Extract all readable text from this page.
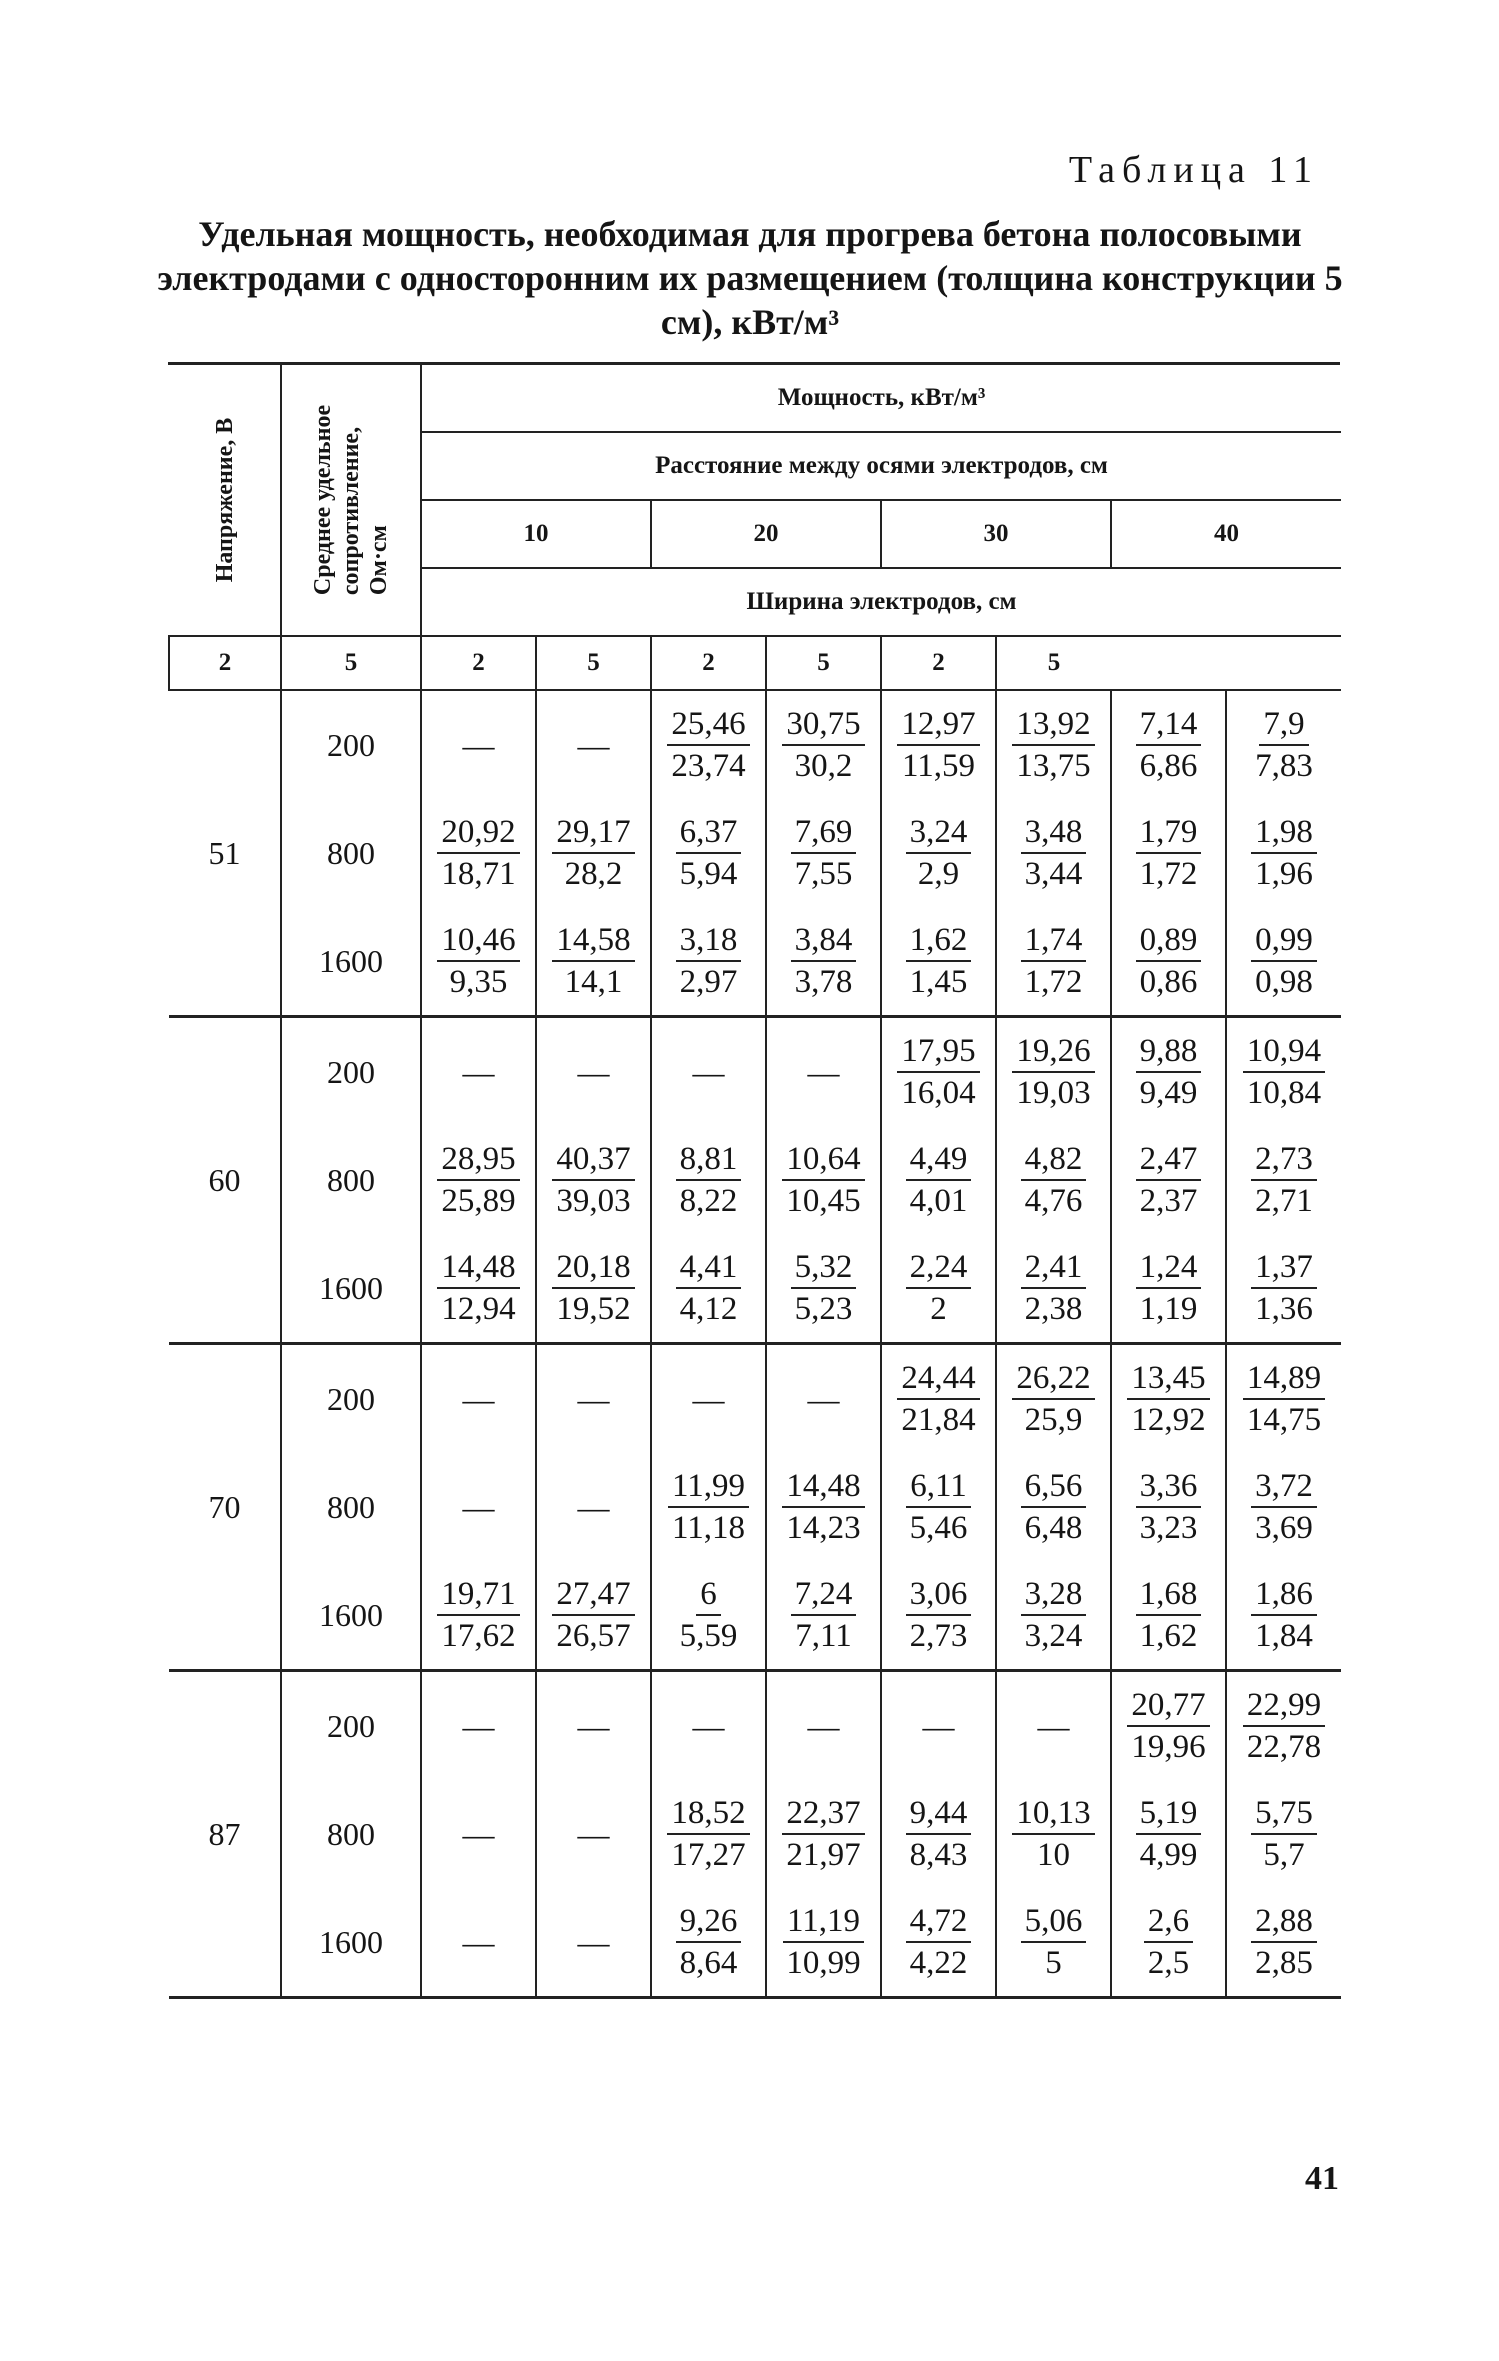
Таблица 11
Удельная мощность, необходимая для прогрева бетона полосовыми электродами с односторонним их размещением (толщина конструкции 5 см), кВт/м³
Напряжение, В	Среднее удельное
сопротивление,
Ом·см	Мощность, кВт/м³							
		Расстояние между осями электродов, см							
		10		20		30		40	
		Ширина электродов, см							
2	5	2	5	2	5	2	5		
51	200	—	—	$\frac{25,46}{23,74}$	$\frac{30,75}{30,2}$	$\frac{12,97}{11,59}$	$\frac{13,92}{13,75}$	$\frac{7,14}{6,86}$	$\frac{7,9}{7,83}$

	800	$\frac{20,92}{18,71}$	$\frac{29,17}{28,2}$	$\frac{6,37}{5,94}$	$\frac{7,69}{7,55}$	$\frac{3,24}{2,9}$	$\frac{3,48}{3,44}$	$\frac{1,79}{1,72}$	$\frac{1,98}{1,96}$

	1600	$\frac{10,46}{9,35}$	$\frac{14,58}{14,1}$	$\frac{3,18}{2,97}$	$\frac{3,84}{3,78}$	$\frac{1,62}{1,45}$	$\frac{1,74}{1,72}$	$\frac{0,89}{0,86}$	$\frac{0,99}{0,98}$

60	200	—	—	—	—	$\frac{17,95}{16,04}$	$\frac{19,26}{19,03}$	$\frac{9,88}{9,49}$	$\frac{10,94}{10,84}$

	800	$\frac{28,95}{25,89}$	$\frac{40,37}{39,03}$	$\frac{8,81}{8,22}$	$\frac{10,64}{10,45}$	$\frac{4,49}{4,01}$	$\frac{4,82}{4,76}$	$\frac{2,47}{2,37}$	$\frac{2,73}{2,71}$

	1600	$\frac{14,48}{12,94}$	$\frac{20,18}{19,52}$	$\frac{4,41}{4,12}$	$\frac{5,32}{5,23}$	$\frac{2,24}{2}$	$\frac{2,41}{2,38}$	$\frac{1,24}{1,19}$	$\frac{1,37}{1,36}$

70	200	—	—	—	—	$\frac{24,44}{21,84}$	$\frac{26,22}{25,9}$	$\frac{13,45}{12,92}$	$\frac{14,89}{14,75}$

	800	—	—	$\frac{11,99}{11,18}$	$\frac{14,48}{14,23}$	$\frac{6,11}{5,46}$	$\frac{6,56}{6,48}$	$\frac{3,36}{3,23}$	$\frac{3,72}{3,69}$

	1600	$\frac{19,71}{17,62}$	$\frac{27,47}{26,57}$	$\frac{6}{5,59}$	$\frac{7,24}{7,11}$	$\frac{3,06}{2,73}$	$\frac{3,28}{3,24}$	$\frac{1,68}{1,62}$	$\frac{1,86}{1,84}$

87	200	—	—	—	—	—	—	$\frac{20,77}{19,96}$	$\frac{22,99}{22,78}$

	800	—	—	$\frac{18,52}{17,27}$	$\frac{22,37}{21,97}$	$\frac{9,44}{8,43}$	$\frac{10,13}{10}$	$\frac{5,19}{4,99}$	$\frac{5,75}{5,7}$

	1600	—	—	$\frac{9,26}{8,64}$	$\frac{11,19}{10,99}$	$\frac{4,72}{4,22}$	$\frac{5,06}{5}$	$\frac{2,6}{2,5}$	$\frac{2,88}{2,85}$
41
